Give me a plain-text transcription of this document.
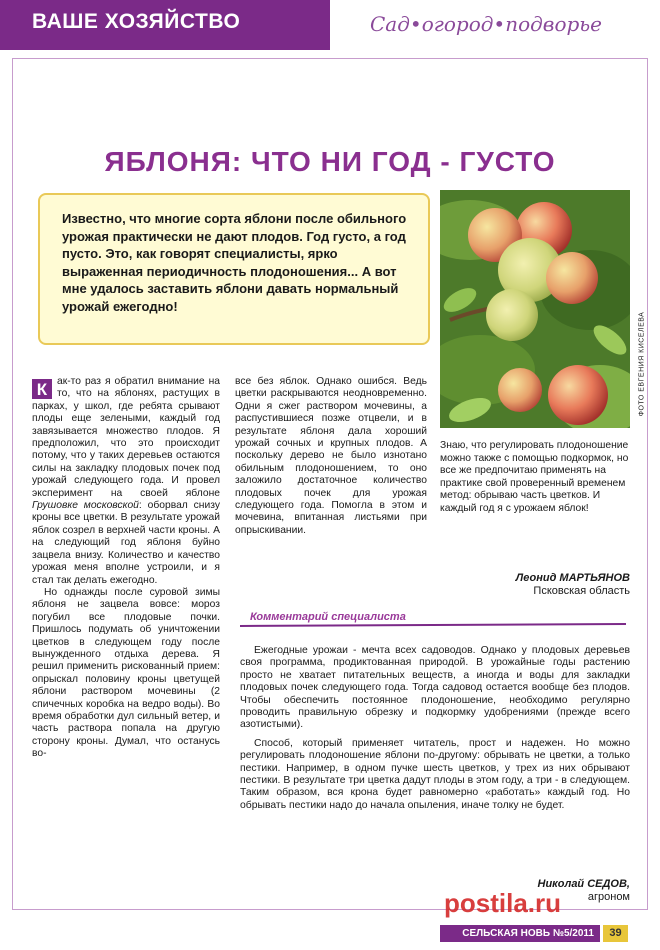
ВАШЕ ХОЗЯЙСТВО	Сад•огород•подворье
ЯБЛОНЯ: ЧТО НИ ГОД - ГУСТО

Известно, что многие сорта яблони после обильного урожая практически не дают плодов. Год густо, а год пусто. Это, как говорят специалисты, ярко выраженная периодичность плодоношения... А вот мне удалось заставить яблони давать нормальный урожай ежегодно!

ФОТО ЕВГЕНИЯ КИСЕЛЕВА
К ак-то раз я обратил внимание на то, что на яблонях, растущих в парках, у школ, где ребята срывают плоды еще зелеными, каждый год завязывается множество плодов. Я предположил, что это происходит потому, что у таких деревьев остаются силы на закладку плодовых почек под урожай следующего года. И провел эксперимент на своей яблоне Грушовке московской: оборвал снизу кроны все цветки. В результате урожай яблок созрел в верхней части кроны. А на следующий год яблоня буйно зацвела внизу. Количество и качество урожая меня вполне устроили, и я стал так делать ежегодно.

Но однажды после суровой зимы яблоня не зацвела вовсе: мороз погубил все плодовые почки. Пришлось подумать об уничтожении цветков в следующем году после вынужденного отдыха дерева. Я решил применить рискованный прием: опрыскал половину кроны цветущей яблони раствором мочевины (2 спичечных коробка на ведро воды). Во время обработки дул сильный ветер, и часть раствора попала на другую сторону кроны. Думал, что останусь во-

все без яблок. Однако ошибся. Ведь цветки раскрываются неодновременно. Одни я сжег раствором мочевины, а распустившиеся позже отцвели, и в результате яблоня дала хороший урожай сочных и крупных плодов. А поскольку дерево не было изнотано обильным плодоношением, то оно заложило достаточное количество плодовых почек для урожая следующего года. Помогла в этом и мочевина, впитанная листьями при опрыскивании.

Знаю, что регулировать плодоношение можно также с помощью подкормок, но все же предпочитаю применять на практике свой проверенный временем метод: обрываю часть цветков. И каждый год я с урожаем яблок!

Леонид МАРТЬЯНОВ
Псковская область
Комментарий специалиста

Ежегодные урожаи - мечта всех садоводов. Однако у плодовых деревьев своя программа, продиктованная природой. В урожайные годы растению просто не хватает питательных веществ, а иногда и воды для закладки плодовых почек следующего года. Тогда садовод остается вообще без плодов. Чтобы обеспечить постоянное плодоношение, необходимо регулярно проводить правильную обрезку и подкормку удобрениями (прежде всего азотистыми).

Способ, который применяет читатель, прост и надежен. Но можно регулировать плодоношение яблони по-другому: обрывать не цветки, а только пестики. Например, в одном пучке шесть цветков, у трех из них обрывают пестики. В результате три цветка дадут плоды в этом году, а три - в следующем. Таким образом, вся крона будет равномерно «работать» каждый год. Но обрывать пестики надо до начала опыления, иначе толку не будет.

Николай СЕДОВ,
агроном
postila.ru
СЕЛЬСКАЯ НОВЬ №5/2011	39
